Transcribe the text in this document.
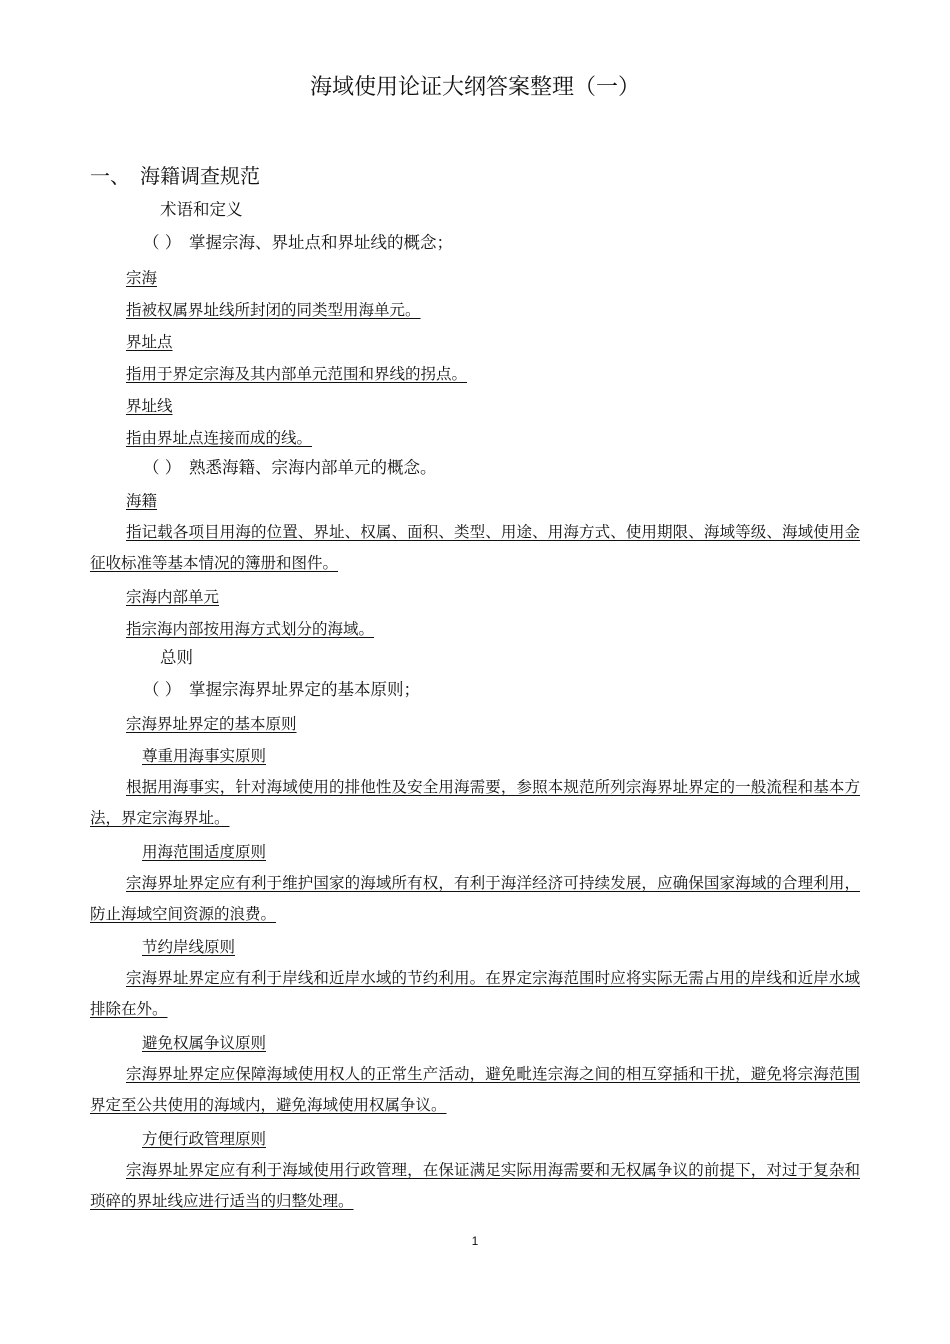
海域使用论证大纲答案整理（一）
一、 海籍调查规范
术语和定义
（ ） 掌握宗海、界址点和界址线的概念；
宗海
指被权属界址线所封闭的同类型用海单元。
界址点
指用于界定宗海及其内部单元范围和界线的拐点。
界址线
指由界址点连接而成的线。
（ ） 熟悉海籍、宗海内部单元的概念。
海籍
指记载各项目用海的位置、界址、权属、面积、类型、用途、用海方式、使用期限、海域等级、海域使用金征收标准等基本情况的簿册和图件。
宗海内部单元
指宗海内部按用海方式划分的海域。
总则
（ ） 掌握宗海界址界定的基本原则；
宗海界址界定的基本原则
尊重用海事实原则
根据用海事实，针对海域使用的排他性及安全用海需要，参照本规范所列宗海界址界定的一般流程和基本方法，界定宗海界址。
用海范围适度原则
宗海界址界定应有利于维护国家的海域所有权，有利于海洋经济可持续发展，应确保国家海域的合理利用，防止海域空间资源的浪费。
节约岸线原则
宗海界址界定应有利于岸线和近岸水域的节约利用。在界定宗海范围时应将实际无需占用的岸线和近岸水域排除在外。
避免权属争议原则
宗海界址界定应保障海域使用权人的正常生产活动，避免毗连宗海之间的相互穿插和干扰，避免将宗海范围界定至公共使用的海域内，避免海域使用权属争议。
方便行政管理原则
宗海界址界定应有利于海域使用行政管理，在保证满足实际用海需要和无权属争议的前提下，对过于复杂和琐碎的界址线应进行适当的归整处理。
1
